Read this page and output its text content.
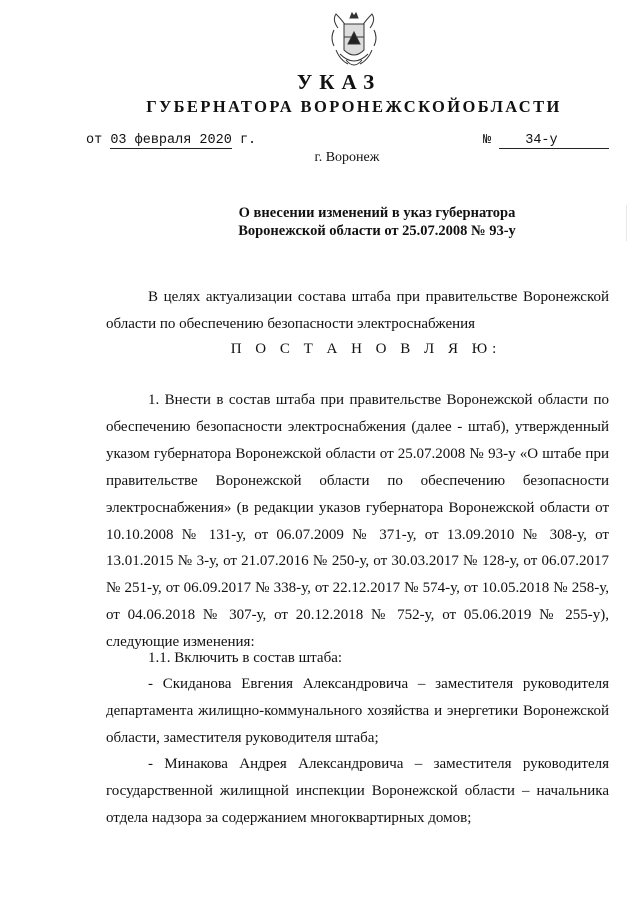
УКАЗ
ГУБЕРНАТОРА ВОРОНЕЖСКОЙОБЛАСТИ
от 03 февраля 2020 г.	№	34-у
г. Воронеж
О внесении изменений в указ губернатора
Воронежской области от 25.07.2008 № 93-у
В целях актуализации состава штаба при правительстве Воронежской области по обеспечению безопасности электроснабжения
П О С Т А Н О В Л Я Ю:
1. Внести в состав штаба при правительстве Воронежской области по обеспечению безопасности электроснабжения (далее - штаб), утвержденный указом губернатора Воронежской области от 25.07.2008 № 93-у «О штабе при правительстве Воронежской области по обеспечению безопасности электроснабжения» (в редакции указов губернатора Воронежской области от 10.10.2008 № 131-у, от 06.07.2009 № 371-у, от 13.09.2010 № 308-у, от 13.01.2015 № 3-у, от 21.07.2016 № 250-у, от 30.03.2017 № 128-у, от 06.07.2017 № 251-у, от 06.09.2017 № 338-у, от 22.12.2017 № 574-у, от 10.05.2018 № 258-у, от 04.06.2018 № 307-у, от 20.12.2018 № 752-у, от 05.06.2019 № 255-у), следующие изменения:
1.1. Включить в состав штаба:
- Скиданова Евгения Александровича – заместителя руководителя департамента жилищно-коммунального хозяйства и энергетики Воронежской области, заместителя руководителя штаба;
- Минакова Андрея Александровича – заместителя руководителя государственной жилищной инспекции Воронежской области – начальника отдела надзора за содержанием многоквартирных домов;
